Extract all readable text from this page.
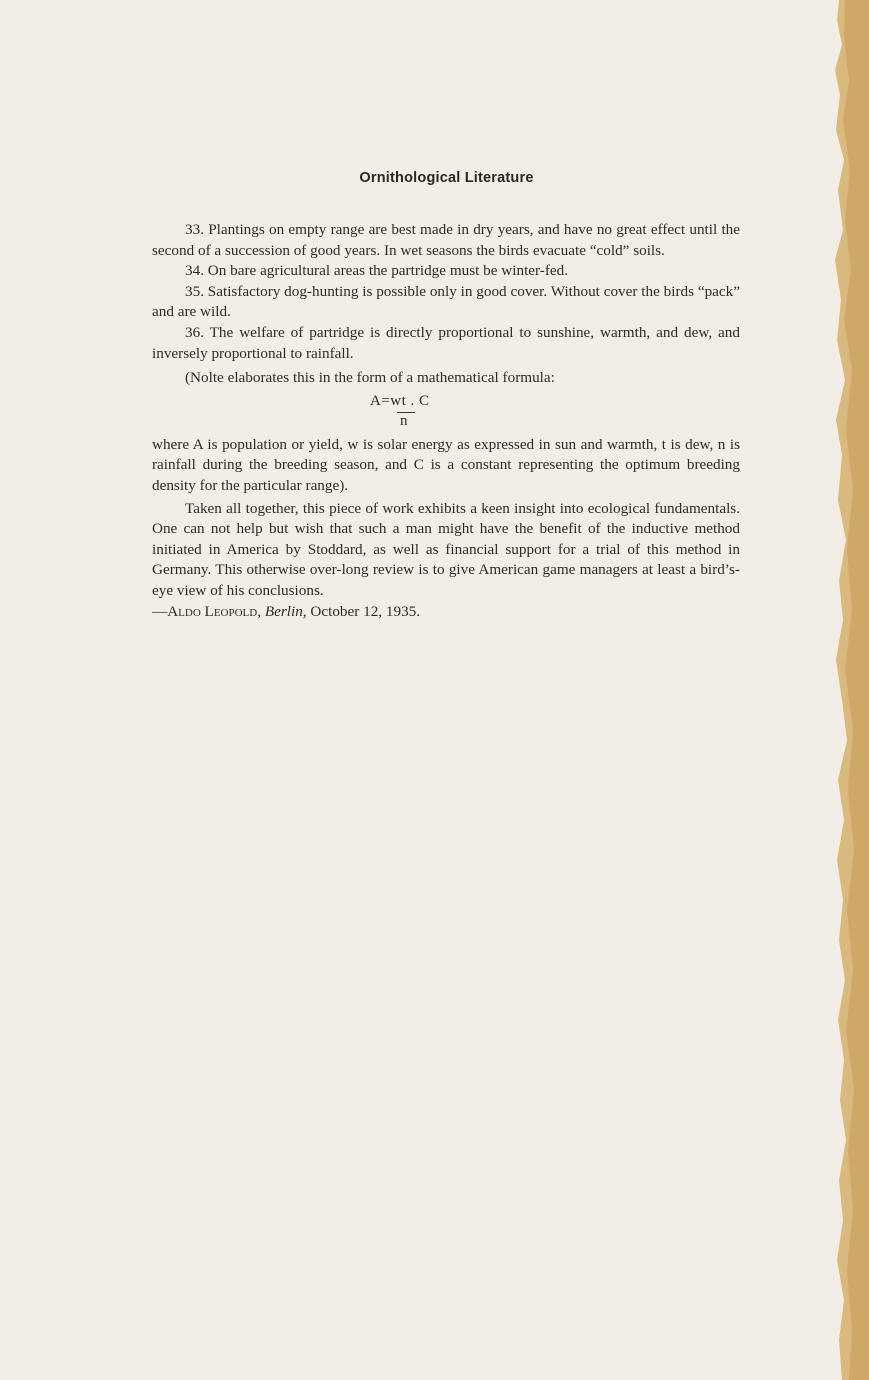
Ornithological Literature

33. Plantings on empty range are best made in dry years, and have no great effect until the second of a succession of good years. In wet seasons the birds evacuate “cold” soils.

34. On bare agricultural areas the partridge must be winter-fed.

35. Satisfactory dog-hunting is possible only in good cover. Without cover the birds “pack” and are wild.

36. The welfare of partridge is directly proportional to sunshine, warmth, and dew, and inversely proportional to rainfall.

(Nolte elaborates this in the form of a mathematical formula:

A=wt . C
n

where A is population or yield, w is solar energy as expressed in sun and warmth, t is dew, n is rainfall during the breeding season, and C is a constant representing the optimum breeding density for the particular range).

Taken all together, this piece of work exhibits a keen insight into ecological fundamentals. One can not help but wish that such a man might have the benefit of the inductive method initiated in America by Stoddard, as well as financial support for a trial of this method in Germany. This otherwise over-long review is to give American game managers at least a bird’s-eye view of his conclusions.

—Aldo Leopold, Berlin, October 12, 1935.
